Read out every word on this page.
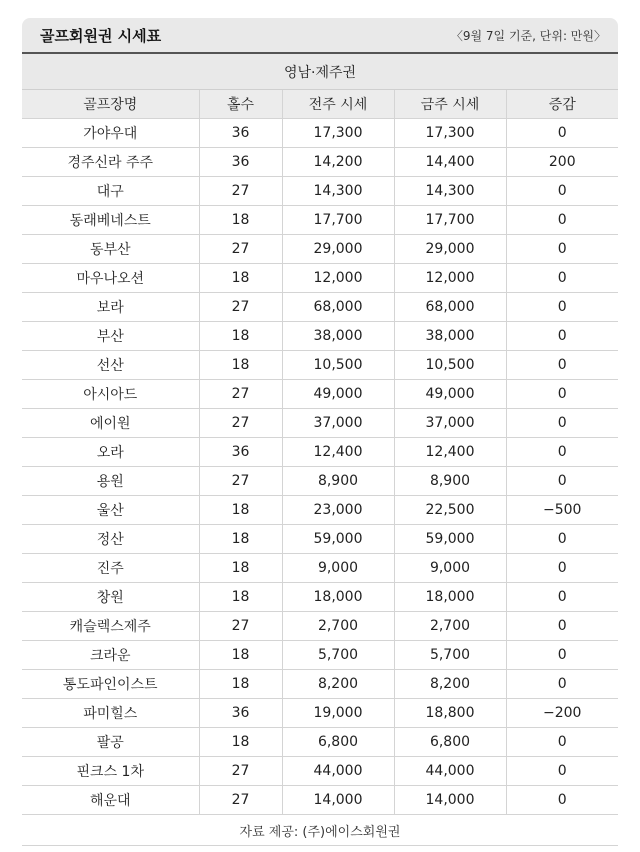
골프회원권 시세표	〈9월 7일 기준, 단위: 만원〉
영남·제주권
골프장명	홀수	전주 시세	금주 시세	증감
가야우대	36	17,300	17,300	0
경주신라 주주	36	14,200	14,400	200
대구	27	14,300	14,300	0
동래베네스트	18	17,700	17,700	0
동부산	27	29,000	29,000	0
마우나오션	18	12,000	12,000	0
보라	27	68,000	68,000	0
부산	18	38,000	38,000	0
선산	18	10,500	10,500	0
아시아드	27	49,000	49,000	0
에이원	27	37,000	37,000	0
오라	36	12,400	12,400	0
용원	27	8,900	8,900	0
울산	18	23,000	22,500	−500
정산	18	59,000	59,000	0
진주	18	9,000	9,000	0
창원	18	18,000	18,000	0
캐슬렉스제주	27	2,700	2,700	0
크라운	18	5,700	5,700	0
통도파인이스트	18	8,200	8,200	0
파미힐스	36	19,000	18,800	−200
팔공	18	6,800	6,800	0
핀크스 1차	27	44,000	44,000	0
해운대	27	14,000	14,000	0
자료 제공: (주)에이스회원권
